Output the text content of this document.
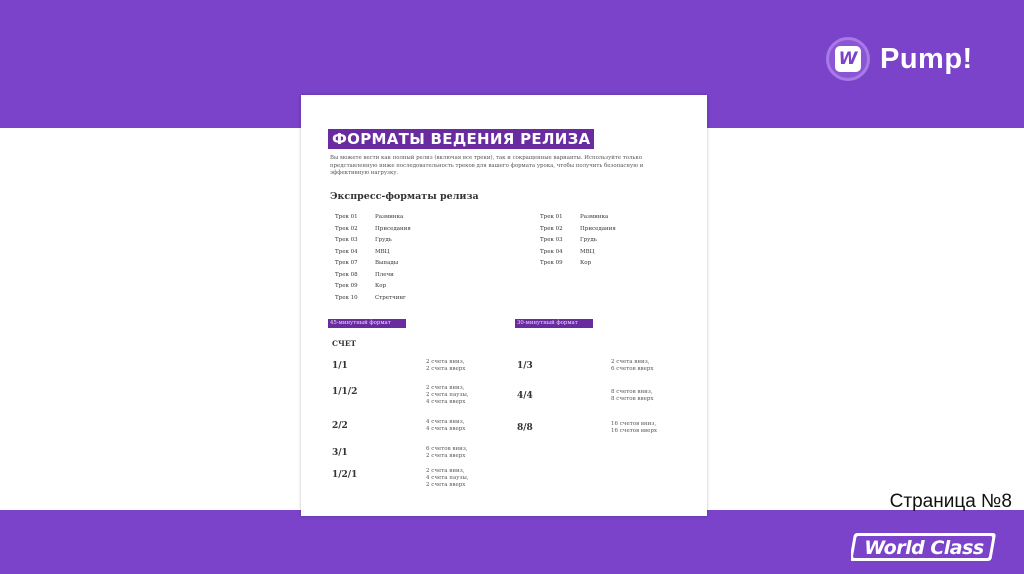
W Pump!
ФОРМАТЫ ВЕДЕНИЯ РЕЛИЗА
Вы можете вести как полный релиз (включая все треки), так и сокращенные варианты. Используйте только представленную ниже последовательность треков для вашего формата урока, чтобы получить безопасную и эффективную нагрузку.
Экспресс-форматы релиза
Трек 01	Разминка
Трек 02	Приседания
Трек 03	Грудь
Трек 04	МВЦ
Трек 07	Выпады
Трек 08	Плечи
Трек 09	Кор
Трек 10	Стретчинг
Трек 01	Разминка
Трек 02	Приседания
Трек 03	Грудь
Трек 04	МВЦ
Трек 09	Кор
45-минутный формат	30-минутный формат
СЧЕТ
1/1	2 счета вниз,
2 счета вверх
1/1/2	2 счета вниз,
2 счета паузы,
4 счета вверх
2/2	4 счета вниз,
4 счета вверх
3/1	6 счетов вниз,
2 счета вверх
1/2/1	2 счета вниз,
4 счета паузы,
2 счета вверх
1/3	2 счета вниз,
6 счетов вверх
4/4	8 счетов вниз,
8 счетов вверх
8/8	16 счетов вниз,
16 счетов вверх
Страница №8
World Class
